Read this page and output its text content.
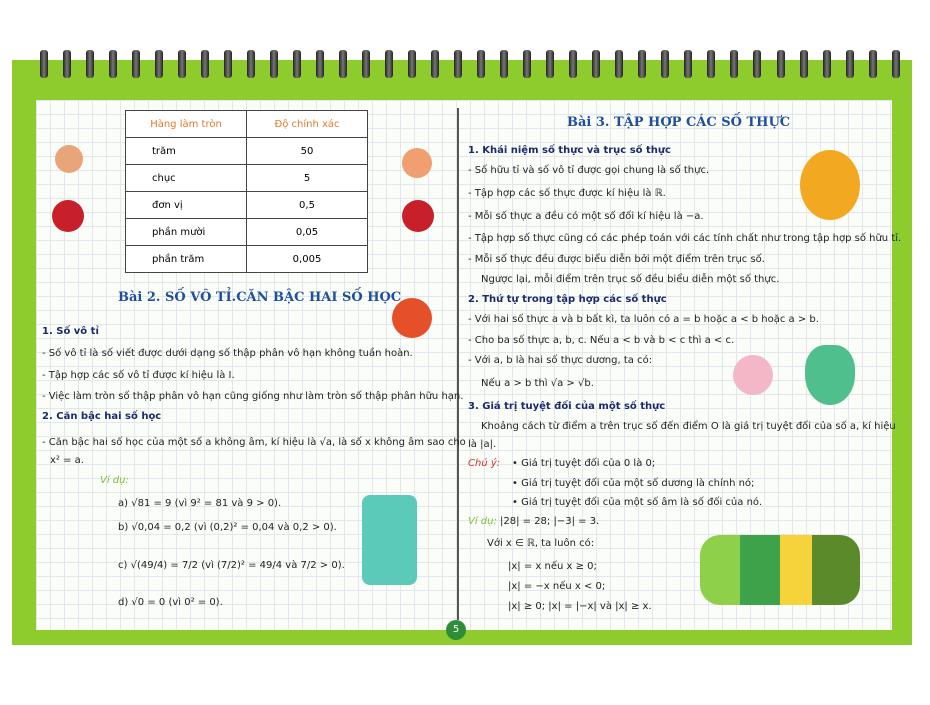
Hàng làm tròn	Độ chính xác
trăm	50
chục	5
đơn vị	0,5
phần mười	0,05
phần trăm	0,005
Bài 2. SỐ VÔ TỈ.CĂN BẬC HAI SỐ HỌC
1. Số vô tỉ
- Số vô tỉ là số viết được dưới dạng số thập phân vô hạn không tuần hoàn.
- Tập hợp các số vô tỉ được kí hiệu là I.
- Việc làm tròn số thập phân vô hạn cũng giống như làm tròn số thập phân hữu hạn.
2. Căn bậc hai số học
- Căn bậc hai số học của một số a không âm, kí hiệu là √a, là số x không âm sao cho
x² = a.
Ví dụ:
a) √81 = 9 (vì 9² = 81 và 9 > 0).
b) √0,04 = 0,2 (vì (0,2)² = 0,04 và 0,2 > 0).
c) √(49/4) = 7/2 (vì (7/2)² = 49/4 và 7/2 > 0).
d) √0 = 0 (vì 0² = 0).
Bài 3. TẬP HỢP CÁC SỐ THỰC
1. Khái niệm số thực và trục số thực
- Số hữu tỉ và số vô tỉ được gọi chung là số thực.
- Tập hợp các số thực được kí hiệu là ℝ.
- Mỗi số thực a đều có một số đối kí hiệu là −a.
- Tập hợp số thực cũng có các phép toán với các tính chất như trong tập hợp số hữu tỉ.
- Mỗi số thực đều được biểu diễn bởi một điểm trên trục số.
Ngược lại, mỗi điểm trên trục số đều biểu diễn một số thực.
2. Thứ tự trong tập hợp các số thực
- Với hai số thực a và b bất kì, ta luôn có a = b hoặc a < b hoặc a > b.
- Cho ba số thực a, b, c. Nếu a < b và b < c thì a < c.
- Với a, b là hai số thực dương, ta có:
Nếu a > b thì √a > √b.
3. Giá trị tuyệt đối của một số thực
Khoảng cách từ điểm a trên trục số đến điểm O là giá trị tuyệt đối của số a, kí hiệu
là |a|.
Chú ý: • Giá trị tuyệt đối của 0 là 0;
• Giá trị tuyệt đối của một số dương là chính nó;
• Giá trị tuyệt đối của một số âm là số đối của nó.
Ví dụ: |28| = 28; |−3| = 3.
Với x ∈ ℝ, ta luôn có:
|x| = x nếu x ≥ 0;
|x| = −x nếu x < 0;
|x| ≥ 0; |x| = |−x| và |x| ≥ x.
5
